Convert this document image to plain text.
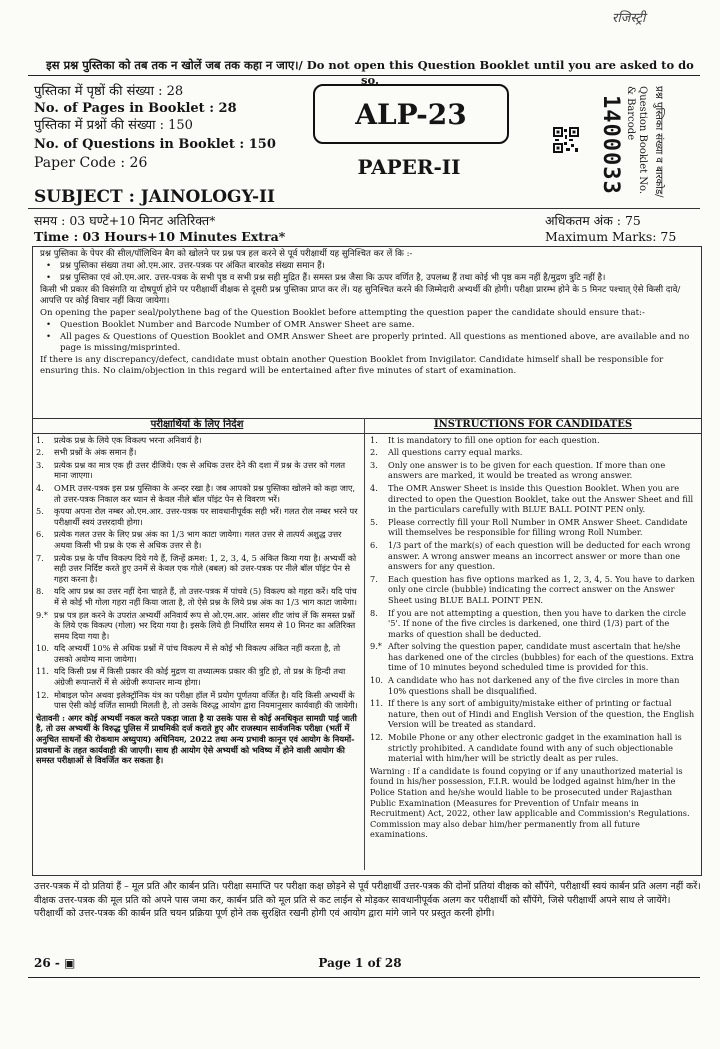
रजिस्ट्री
इस प्रश्न पुस्तिका को तब तक न खोलें जब तक कहा न जाए।/ Do not open this Question Booklet until you are asked to do so.
पुस्तिका में पृष्ठों की संख्या : 28
No. of Pages in Booklet : 28
पुस्तिका में प्रश्नों की संख्या : 150
No. of Questions in Booklet : 150
Paper Code : 26
ALP-23
PAPER-II	1400033	प्रश्न पुस्तिका संख्या व बारकोड/
Question Booklet No.
& Barcode
SUBJECT : JAINOLOGY-II
समय : 03 घण्टे+10 मिनट अतिरिक्त*
Time : 03 Hours+10 Minutes Extra*
अधिकतम अंक : 75
Maximum Marks: 75

प्रश्न पुस्तिका के पेपर की सील/पॉलिथिन बैग को खोलने पर प्रश्न पत्र हल करने से पूर्व परीक्षार्थी यह सुनिश्चित कर लें कि :-

• प्रश्न पुस्तिका संख्या तथा ओ.एम.आर. उत्तर-पत्रक पर अंकित बारकोड संख्या समान हैं।

• प्रश्न पुस्तिका एवं ओ.एम.आर. उत्तर-पत्रक के सभी पृष्ठ व सभी प्रश्न सही मुद्रित हैं। समस्त प्रश्न जैसा कि ऊपर वर्णित है, उपलब्ध हैं तथा कोई भी पृष्ठ कम नहीं है/मुद्रण त्रुटि नहीं है।

किसी भी प्रकार की विसंगति या दोषपूर्ण होने पर परीक्षार्थी वीक्षक से दूसरी प्रश्न पुस्तिका प्राप्त कर लें। यह सुनिश्चित करने की जिम्मेदारी अभ्यर्थी की होगी। परीक्षा प्रारम्भ होने के 5 मिनट पश्चात् ऐसे किसी दावे/आपत्ति पर कोई विचार नहीं किया जायेगा।

On opening the paper seal/polythene bag of the Question Booklet before attempting the question paper the candidate should ensure that:-

• Question Booklet Number and Barcode Number of OMR Answer Sheet are same.

• All pages & Questions of Question Booklet and OMR Answer Sheet are properly printed. All questions as mentioned above, are available and no page is missing/misprinted.

If there is any discrepancy/defect, candidate must obtain another Question Booklet from Invigilator. Candidate himself shall be responsible for ensuring this. No claim/objection in this regard will be entertained after five minutes of start of examination.

परीक्षार्थियों के लिए निर्देश
1.	प्रत्येक प्रश्न के लिये एक विकल्प भरना अनिवार्य है।
2.	सभी प्रश्नों के अंक समान हैं।
3.	प्रत्येक प्रश्न का मात्र एक ही उत्तर दीजिये। एक से अधिक उत्तर देने की दशा में प्रश्न के उत्तर को गलत माना जाएगा।
4.	OMR उत्तर-पत्रक इस प्रश्न पुस्तिका के अन्दर रखा है। जब आपको प्रश्न पुस्तिका खोलने को कहा जाए, तो उत्तर-पत्रक निकाल कर ध्यान से केवल नीले बॉल पॉइंट पेन से विवरण भरें।
5.	कृपया अपना रोल नम्बर ओ.एम.आर. उत्तर-पत्रक पर सावधानीपूर्वक सही भरें। गलत रोल नम्बर भरने पर परीक्षार्थी स्वयं उत्तरदायी होगा।
6.	प्रत्येक गलत उत्तर के लिए प्रश्न अंक का 1/3 भाग काटा जायेगा। गलत उत्तर से तात्पर्य अशुद्ध उत्तर अथवा किसी भी प्रश्न के एक से अधिक उत्तर से है।
7.	प्रत्येक प्रश्न के पाँच विकल्प दिये गये हैं, जिन्हें क्रमश: 1, 2, 3, 4, 5 अंकित किया गया है। अभ्यर्थी को सही उत्तर निर्दिष्ट करते हुए उनमें से केवल एक गोले (बबल) को उत्तर-पत्रक पर नीले बॉल पॉइंट पेन से गहरा करना है।
8.	यदि आप प्रश्न का उत्तर नहीं देना चाहते हैं, तो उत्तर-पत्रक में पांचवे (5) विकल्प को गहरा करें। यदि पांच में से कोई भी गोला गहरा नहीं किया जाता है, तो ऐसे प्रश्न के लिये प्रश्न अंक का 1/3 भाग काटा जायेगा।
9.* प्रश्न पत्र हल करने के उपरांत अभ्यर्थी अनिवार्य रूप से ओ.एम.आर. आंसर शीट जांच लें कि समस्त प्रश्नों के लिये एक विकल्प (गोला) भर दिया गया है। इसके लिये ही निर्धारित समय से 10 मिनट का अतिरिक्त समय दिया गया है।
10. यदि अभ्यर्थी 10% से अधिक प्रश्नों में पांच विकल्प में से कोई भी विकल्प अंकित नहीं करता है, तो उसको अयोग्य माना जायेगा।
11. यदि किसी प्रश्न में किसी प्रकार की कोई मुद्रण या तथ्यात्मक प्रकार की त्रुटि हो, तो प्रश्न के हिन्दी तथा अंग्रेजी रूपान्तरों में से अंग्रेजी रूपान्तर मान्य होगा।
12. मोबाइल फोन अथवा इलेक्ट्रॉनिक यंत्र का परीक्षा हॉल में प्रयोग पूर्णतया वर्जित है। यदि किसी अभ्यर्थी के पास ऐसी कोई वर्जित सामग्री मिलती है, तो उसके विरुद्ध आयोग द्वारा नियमानुसार कार्यवाही की जायेगी।
चेतावनी : अगर कोई अभ्यर्थी नकल करते पकड़ा जाता है या उसके पास से कोई अनधिकृत सामग्री पाई जाती है, तो उस अभ्यर्थी के विरुद्ध पुलिस में प्राथमिकी दर्ज कराते हुए और राजस्थान सार्वजनिक परीक्षा (भर्ती में अनुचित साधनों की रोकथाम अध्युपाय) अधिनियम, 2022 तथा अन्य प्रभावी कानून एवं आयोग के नियमों-प्रावधानों के तहत कार्यवाही की जाएगी। साथ ही आयोग ऐसे अभ्यर्थी को भविष्य में होने वाली आयोग की समस्त परीक्षाओं से विवर्जित कर सकता है।
INSTRUCTIONS FOR CANDIDATES
1.	It is mandatory to fill one option for each question.
2.	All questions carry equal marks.
3.	Only one answer is to be given for each question. If more than one answers are marked, it would be treated as wrong answer.
4.	The OMR Answer Sheet is inside this Question Booklet. When you are directed to open the Question Booklet, take out the Answer Sheet and fill in the particulars carefully with BLUE BALL POINT PEN only.
5.	Please correctly fill your Roll Number in OMR Answer Sheet. Candidate will themselves be responsible for filling wrong Roll Number.
6.	1/3 part of the mark(s) of each question will be deducted for each wrong answer. A wrong answer means an incorrect answer or more than one answers for any question.
7.	Each question has five options marked as 1, 2, 3, 4, 5. You have to darken only one circle (bubble) indicating the correct answer on the Answer Sheet using BLUE BALL POINT PEN.
8.	If you are not attempting a question, then you have to darken the circle '5'. If none of the five circles is darkened, one third (1/3) part of the marks of question shall be deducted.
9.* After solving the question paper, candidate must ascertain that he/she has darkened one of the circles (bubbles) for each of the questions. Extra time of 10 minutes beyond scheduled time is provided for this.
10. A candidate who has not darkened any of the five circles in more than 10% questions shall be disqualified.
11. If there is any sort of ambiguity/mistake either of printing or factual nature, then out of Hindi and English Version of the question, the English Version will be treated as standard.
12. Mobile Phone or any other electronic gadget in the examination hall is strictly prohibited. A candidate found with any of such objectionable material with him/her will be strictly dealt as per rules.
Warning : If a candidate is found copying or if any unauthorized material is found in his/her possession, F.I.R. would be lodged against him/her in the Police Station and he/she would liable to be prosecuted under Rajasthan Public Examination (Measures for Prevention of Unfair means in Recruitment) Act, 2022, other law applicable and Commission's Regulations. Commission may also debar him/her permanently from all future examinations.
उत्तर-पत्रक में दो प्रतियां हैं – मूल प्रति और कार्बन प्रति। परीक्षा समाप्ति पर परीक्षा कक्ष छोड़ने से पूर्व परीक्षार्थी उत्तर-पत्रक की दोनों प्रतियां वीक्षक को सौंपेंगे, परीक्षार्थी स्वयं कार्बन प्रति अलग नहीं करें। वीक्षक उत्तर-पत्रक की मूल प्रति को अपने पास जमा कर, कार्बन प्रति को मूल प्रति से कट लाईन से मोड़कर सावधानीपूर्वक अलग कर परीक्षार्थी को सौंपेंगे, जिसे परीक्षार्थी अपने साथ ले जायेंगे। परीक्षार्थी को उत्तर-पत्रक की कार्बन प्रति चयन प्रक्रिया पूर्ण होने तक सुरक्षित रखनी होगी एवं आयोग द्वारा मांगे जाने पर प्रस्तुत करनी होगी।
26 - ▣	Page 1 of 28
